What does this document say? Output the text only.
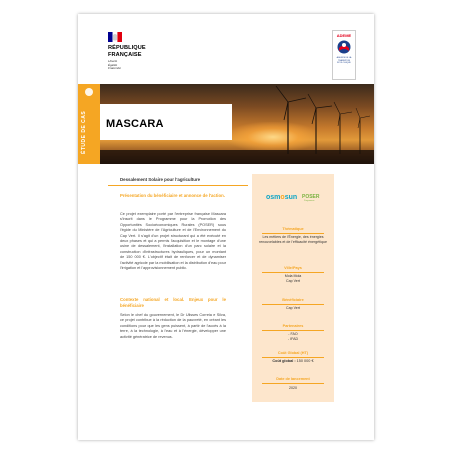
RÉPUBLIQUE
FRANÇAISE
Liberté
Égalité
Fraternité
ADEME
AGENCE DE LA
TRANSITION
ÉCOLOGIQUE
ÉTUDE DE CAS MASCARA
Dessalement Solaire pour l'agriculture
Présentation du bénéficiaire et annonce de l'action.
Ce projet exemplaire porté par l'entreprise française Mascara s'inscrit dans le Programme pour la Promotion des Opportunités Socioéconomiques Rurales (POSER) sous l'égide du Ministère de l'Agriculture et de l'Environnement du Cap Vert. Il s'agit d'un projet structurant qui a été exécuté en deux phases et qui a permis l'acquisition et le montage d'une usine de dessalement, l'installation d'un parc solaire et la construction d'infrastructures hydrauliques, pour un montant de 150 000 €. L'objectif était de renforcer et de dynamiser l'activité agricole par la mobilisation et la distribution d'eau pour l'irrigation et l'approvisionnement public.
Contexte national et local. Enjeux pour le bénéficiaire
Selon le chef du gouvernement, le Dr Ulisses Correia e Silva, ce projet contribue à la réduction de la pauvreté, en créant les conditions pour que les gens puissent, à partir de l'accès à la terre, à la technologie, à l'eau et à l'énergie, développer une activité génératrice de revenus.
osmosun POSER
Programme
Thématique
Les métiers de l'Énergie, des énergies renouvelables et de l'efficacité énergétique
Ville/Pays
Mola Mola
Cap Vert
Bénéficiaire
Cap Vert
Partenaires
- FAO
- IFAD
Coût Global (HT)
Coût global : 150 000 €
Date de lancement
2020
